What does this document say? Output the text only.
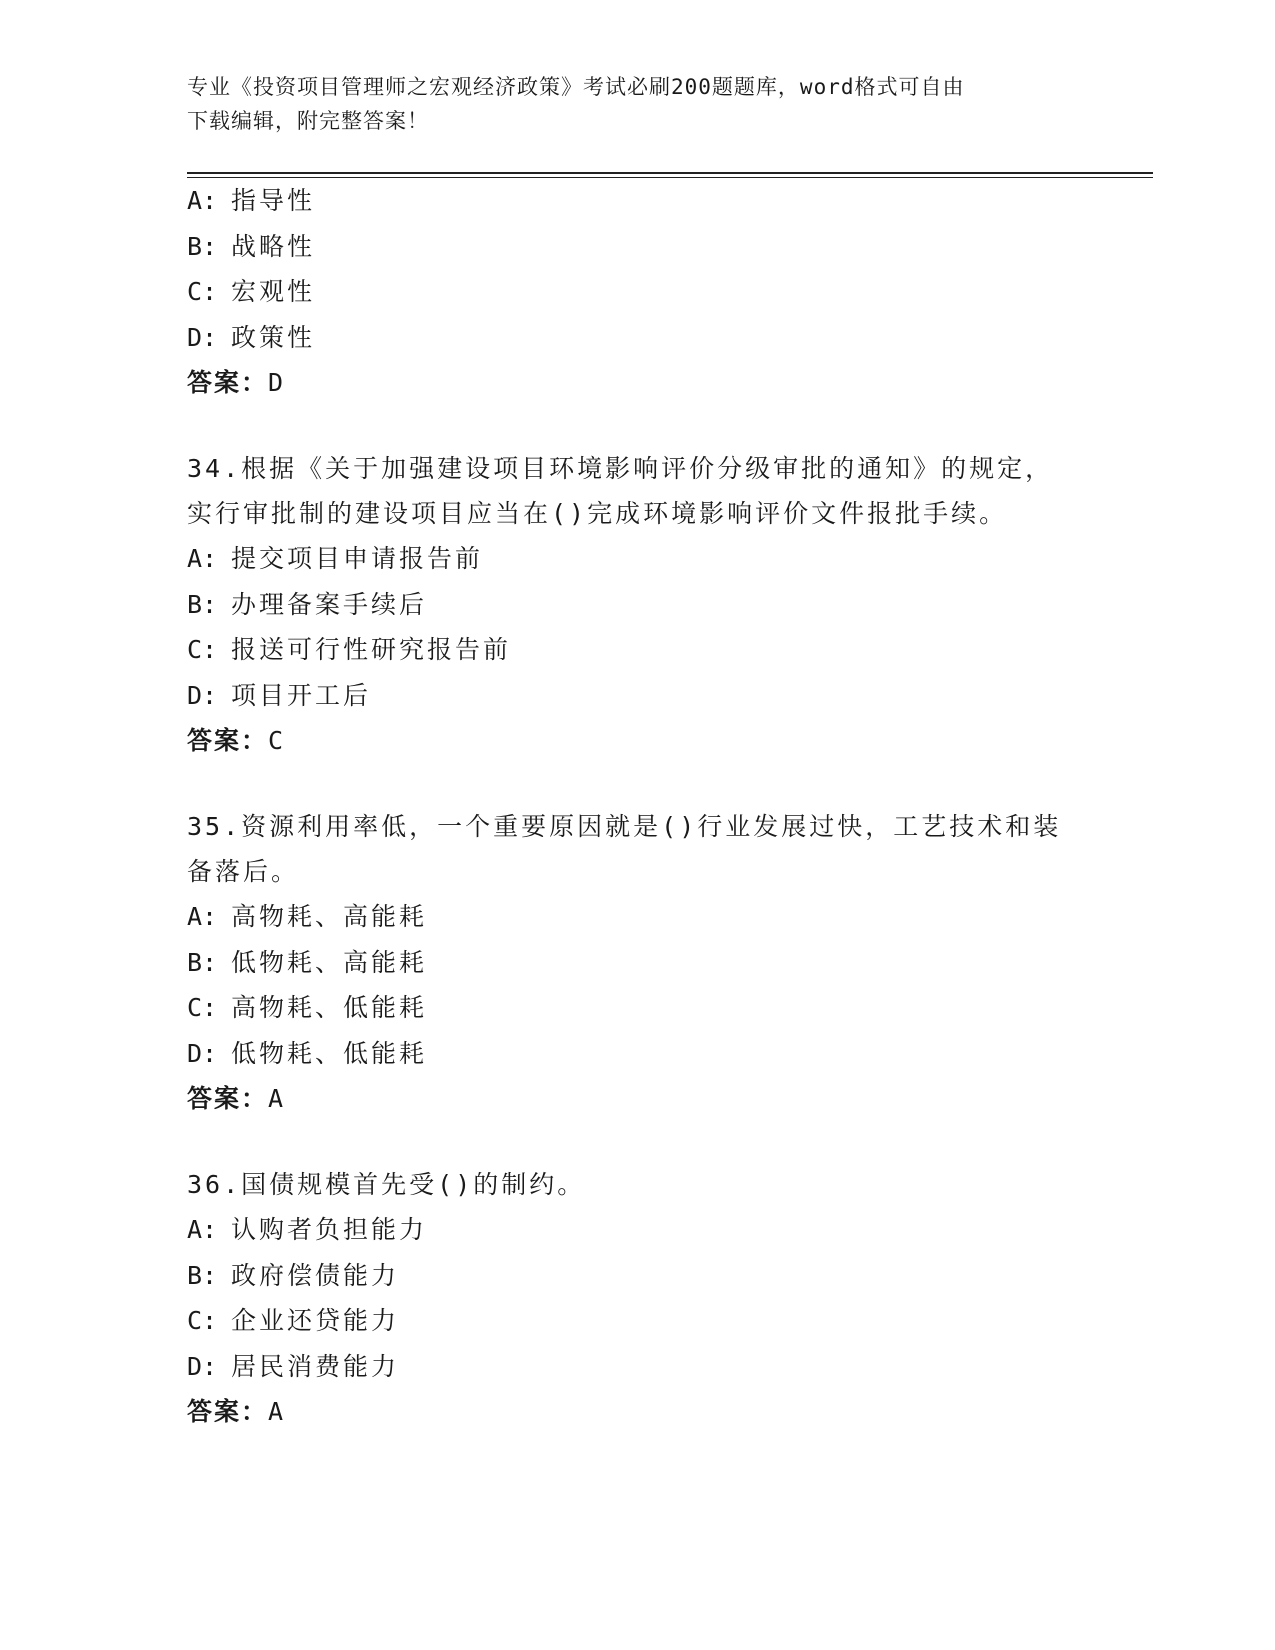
专业《投资项目管理师之宏观经济政策》考试必刷200题题库，word格式可自由
下载编辑，附完整答案！

A: 指导性

B: 战略性

C: 宏观性

D: 政策性

答案：D

34.根据《关于加强建设项目环境影响评价分级审批的通知》的规定，
实行审批制的建设项目应当在()完成环境影响评价文件报批手续。

A: 提交项目申请报告前

B: 办理备案手续后

C: 报送可行性研究报告前

D: 项目开工后

答案：C

35.资源利用率低，一个重要原因就是()行业发展过快，工艺技术和装
备落后。

A: 高物耗、高能耗

B: 低物耗、高能耗

C: 高物耗、低能耗

D: 低物耗、低能耗

答案：A

36.国债规模首先受()的制约。

A: 认购者负担能力

B: 政府偿债能力

C: 企业还贷能力

D: 居民消费能力

答案：A
